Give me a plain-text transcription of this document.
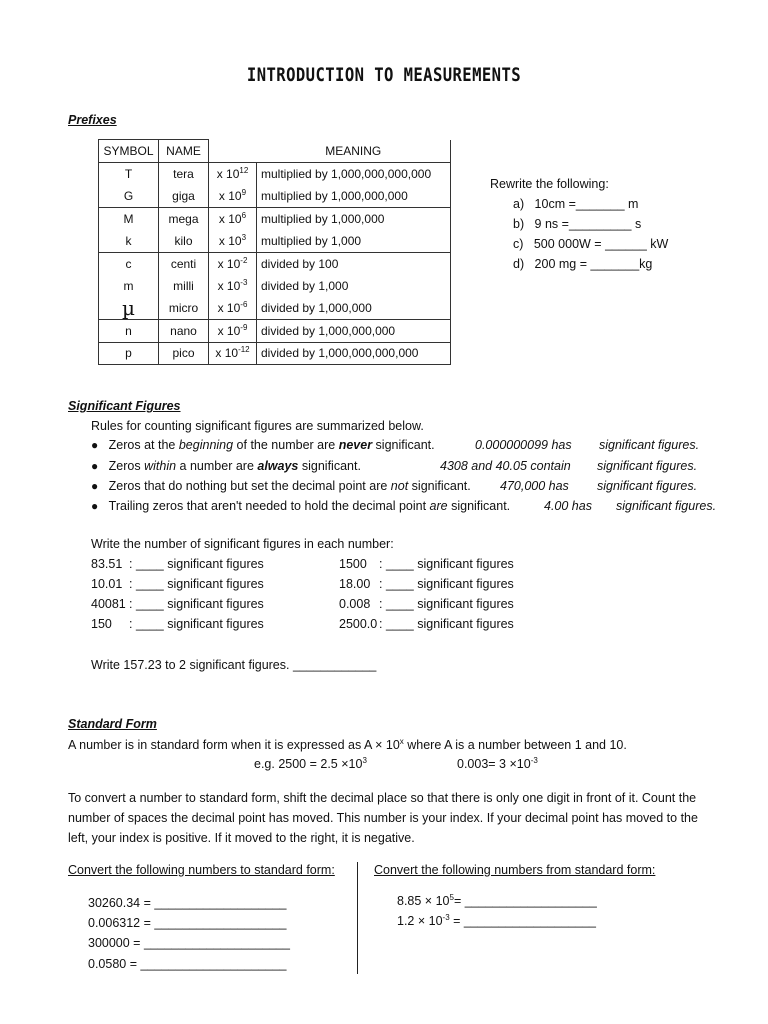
INTRODUCTION TO MEASUREMENTS
Prefixes
SYMBOL	NAME		MEANING
T	tera	x $10^{12}$	multiplied by 1,000,000,000,000
G	giga	x $10^9$	multiplied by 1,000,000,000
M	mega	x $10^6$	multiplied by 1,000,000
k	kilo	x $10^3$	multiplied by 1,000
c	centi	x $10^{-2}$	divided by 100
m	milli	x $10^{-3}$	divided by 1,000
µ	micro	x $10^{-6}$	divided by 1,000,000
n	nano	x $10^{-9}$	divided by 1,000,000,000
p	pico	x $10^{-12}$	divided by 1,000,000,000,000
Rewrite the following:
a) 10cm =_______ m
b) 9 ns =_________ s
c) 500 000W = ______ kW
d) 200 mg = _______kg
Significant Figures
Rules for counting significant figures are summarized below.
● Zeros at the beginning of the number are never significant.	0.000000099 has significant figures.
● Zeros within a number are always significant.	4308 and 40.05 contain significant figures.
● Zeros that do nothing but set the decimal point are not significant. 470,000 has significant figures.
● Trailing zeros that aren't needed to hold the decimal point are significant.	4.00 has significant figures.
Write the number of significant figures in each number:
83.51 : ____ significant figures
10.01 : ____ significant figures
40081 : ____ significant figures
150 : ____ significant figures
1500 : ____ significant figures
18.00 : ____ significant figures
0.008 : ____ significant figures
2500.0 : ____ significant figures
Write 157.23 to 2 significant figures. ____________
Standard Form
A number is in standard form when it is expressed as $A \times 10^x$ where A is a number between 1 and 10.
e.g. $2500 = 2.5 \times 10^3$	$0.003= 3 \times 10^{-3}$
To convert a number to standard form, shift the decimal place so that there is only one digit in front of it. Count the
number of spaces the decimal point has moved. This number is your index. If your decimal point has moved to the
left, your index is positive. If it moved to the right, it is negative.
Convert the following numbers to standard form:	Convert the following numbers from standard form:
30260.34 = ___________________
0.006312 = ___________________
300000 = _____________________
0.0580 = _____________________
$8.85 \times 10^5=$ ___________________
$1.2 \times 10^{-3}$ = ___________________
